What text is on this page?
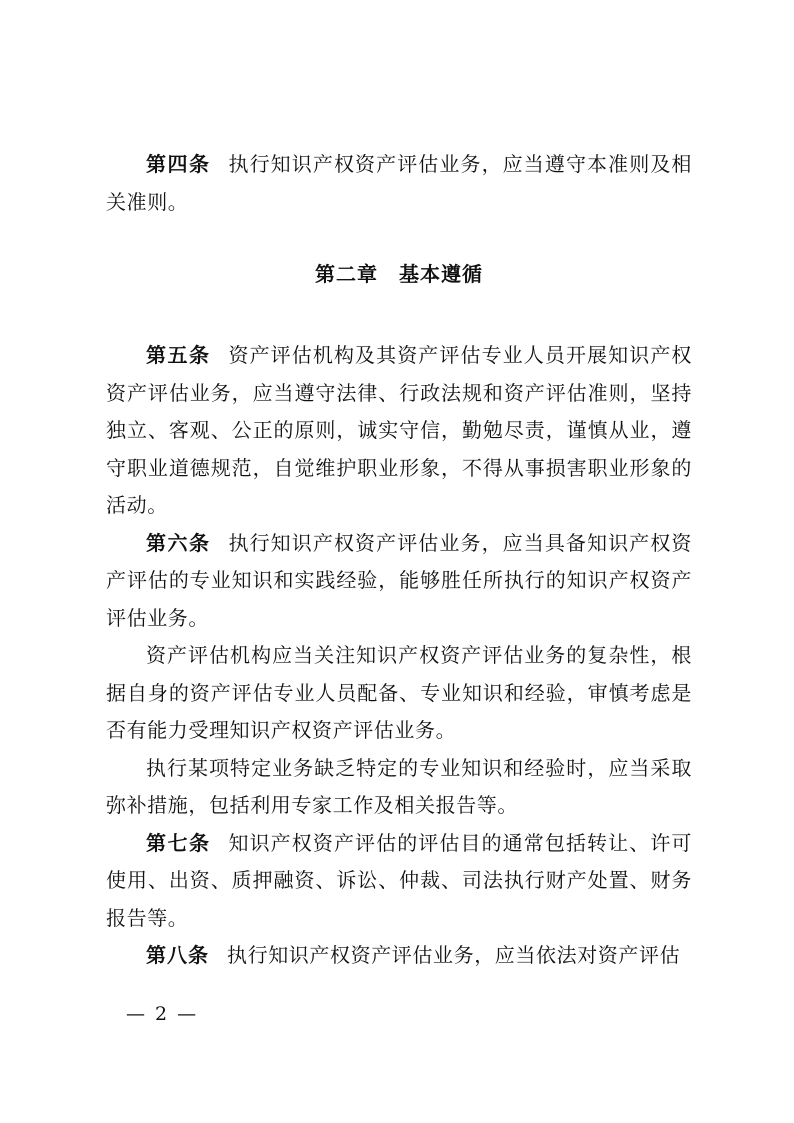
第四条 执行知识产权资产评估业务，应当遵守本准则及相关准则。

第二章　基本遵循

第五条 资产评估机构及其资产评估专业人员开展知识产权资产评估业务，应当遵守法律、行政法规和资产评估准则，坚持独立、客观、公正的原则，诚实守信，勤勉尽责，谨慎从业，遵守职业道德规范，自觉维护职业形象，不得从事损害职业形象的活动。

第六条 执行知识产权资产评估业务，应当具备知识产权资产评估的专业知识和实践经验，能够胜任所执行的知识产权资产评估业务。

资产评估机构应当关注知识产权资产评估业务的复杂性，根据自身的资产评估专业人员配备、专业知识和经验，审慎考虑是否有能力受理知识产权资产评估业务。

执行某项特定业务缺乏特定的专业知识和经验时，应当采取弥补措施，包括利用专家工作及相关报告等。

第七条 知识产权资产评估的评估目的通常包括转让、许可使用、出资、质押融资、诉讼、仲裁、司法执行财产处置、财务报告等。

第八条 执行知识产权资产评估业务，应当依法对资产评估

— 2 —
